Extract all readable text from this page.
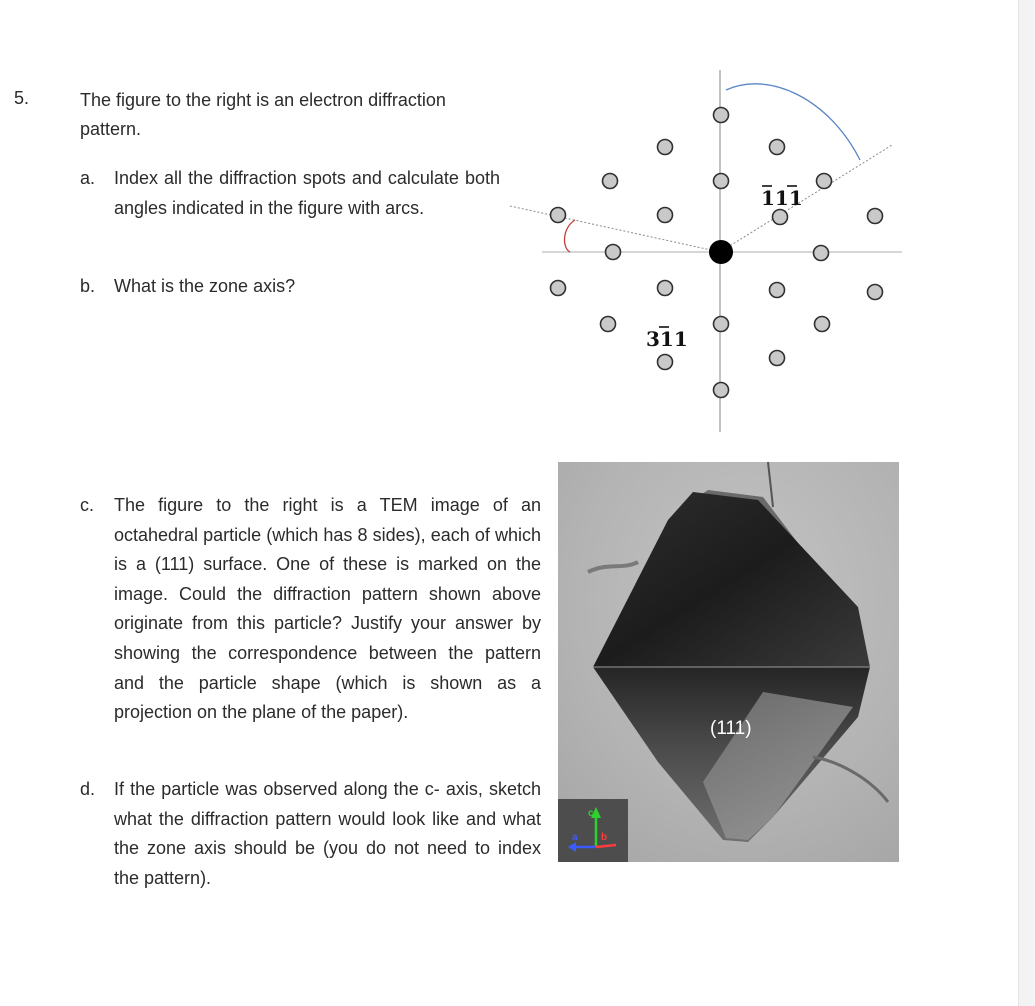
5.	The figure to the right is an electron diffraction pattern.

a. Index all the diffraction spots and calculate both angles indicated in the figure with arcs.
b. What is the zone axis?
c. The figure to the right is a TEM image of an octahedral particle (which has 8 sides), each of which is a (111) surface. One of these is marked on the image. Could the diffraction pattern shown above originate from this particle? Justify your answer by showing the correspondence between the pattern and the particle shape (which is shown as a projection on the plane of the paper).
d. If the particle was observed along the c- axis, sketch what the diffraction pattern would look like and what the zone axis should be (you do not need to index the pattern).
111
311
c
a b
(111)
